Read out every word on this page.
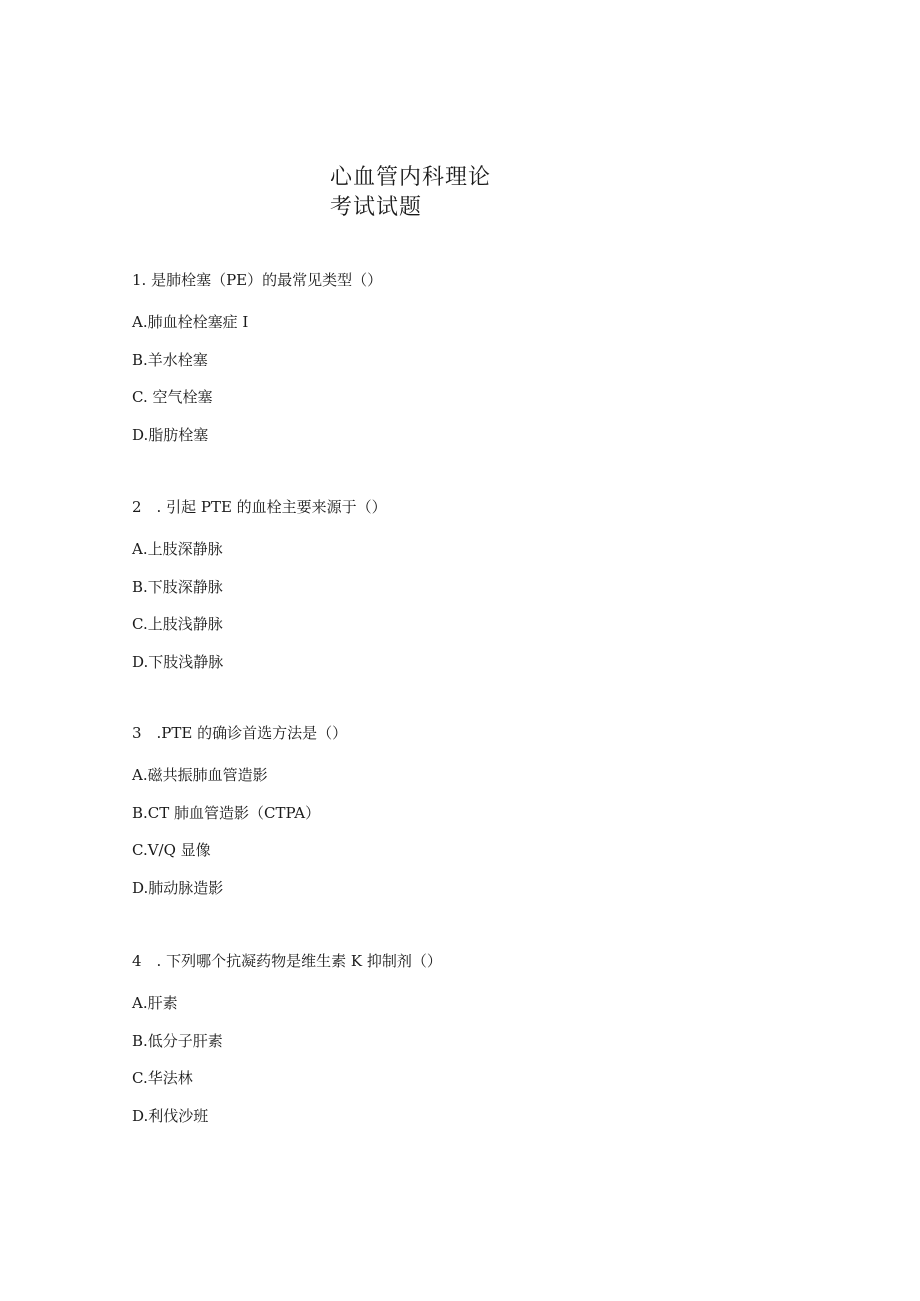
心血管内科理论
考试试题
1. 是肺栓塞（PE）的最常见类型（）
A.肺血栓栓塞症 I
B.羊水栓塞
C. 空气栓塞
D.脂肪栓塞
2　. 引起 PTE 的血栓主要来源于（）
A.上肢深静脉
B.下肢深静脉
C.上肢浅静脉
D.下肢浅静脉
3　.PTE 的确诊首选方法是（）
A.磁共振肺血管造影
B.CT 肺血管造影（CTPA）
C.V/Q 显像
D.肺动脉造影
4　. 下列哪个抗凝药物是维生素 K 抑制剂（）
A.肝素
B.低分子肝素
C.华法林
D.利伐沙班
